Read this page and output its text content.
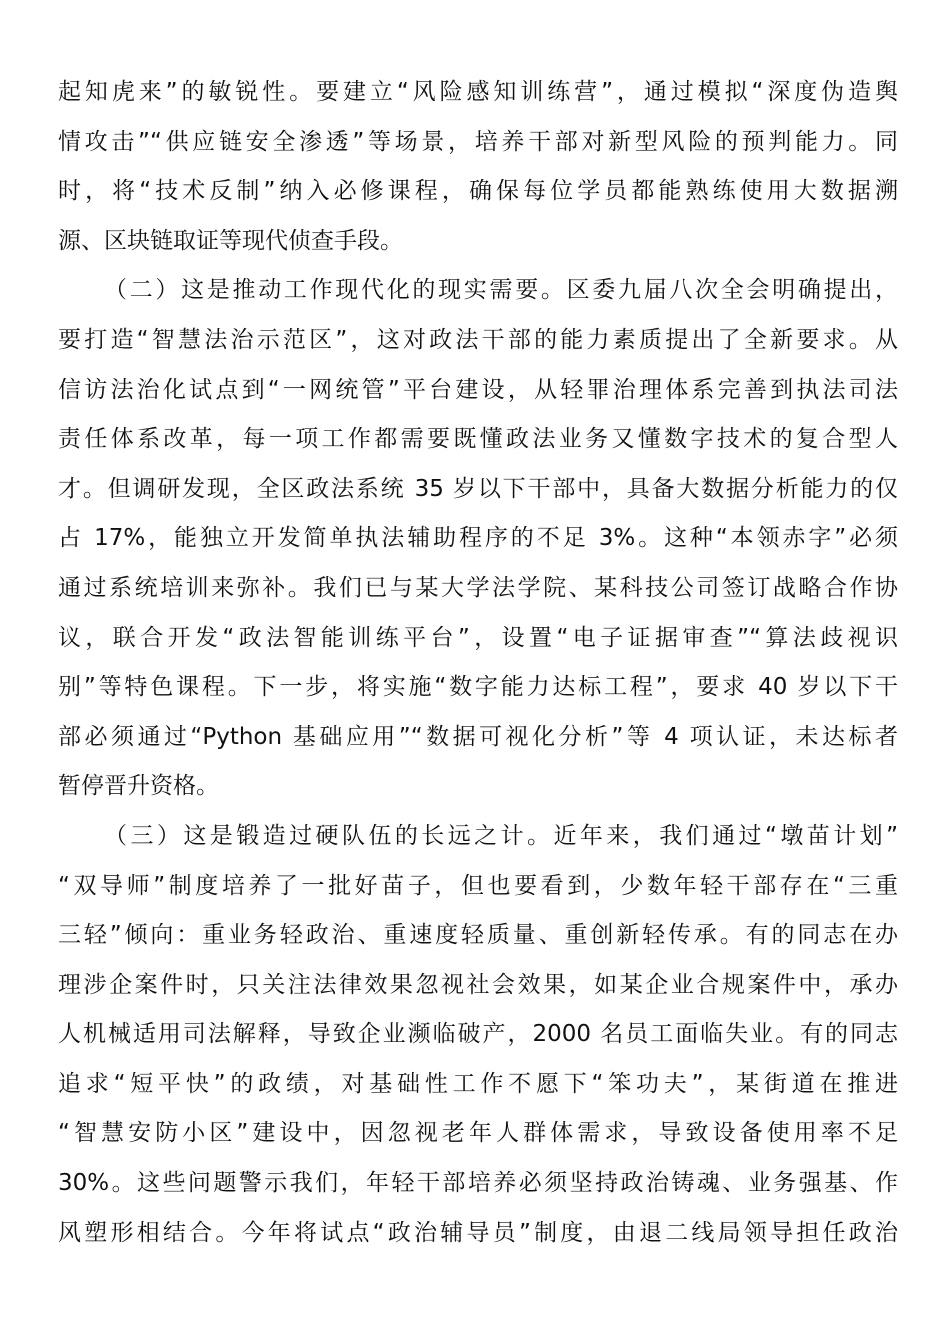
起知虎来”的敏锐性。要建立“风险感知训练营”，通过模拟“深度伪造舆
情攻击”“供应链安全渗透”等场景，培养干部对新型风险的预判能力。同
时，将“技术反制”纳入必修课程，确保每位学员都能熟练使用大数据溯
源、区块链取证等现代侦查手段。
（二）这是推动工作现代化的现实需要。区委九届八次全会明确提出，
要打造“智慧法治示范区”，这对政法干部的能力素质提出了全新要求。从
信访法治化试点到“一网统管”平台建设，从轻罪治理体系完善到执法司法
责任体系改革，每一项工作都需要既懂政法业务又懂数字技术的复合型人
才。但调研发现，全区政法系统 35 岁以下干部中，具备大数据分析能力的仅
占 17%，能独立开发简单执法辅助程序的不足 3%。这种“本领赤字”必须
通过系统培训来弥补。我们已与某大学法学院、某科技公司签订战略合作协
议，联合开发“政法智能训练平台”，设置“电子证据审查”“算法歧视识
别”等特色课程。下一步，将实施“数字能力达标工程”，要求 40 岁以下干
部必须通过“Python 基础应用”“数据可视化分析”等 4 项认证，未达标者
暂停晋升资格。
（三）这是锻造过硬队伍的长远之计。近年来，我们通过“墩苗计划”
“双导师”制度培养了一批好苗子，但也要看到，少数年轻干部存在“三重
三轻”倾向：重业务轻政治、重速度轻质量、重创新轻传承。有的同志在办
理涉企案件时，只关注法律效果忽视社会效果，如某企业合规案件中，承办
人机械适用司法解释，导致企业濒临破产，2000 名员工面临失业。有的同志
追求“短平快”的政绩，对基础性工作不愿下“笨功夫”，某街道在推进
“智慧安防小区”建设中，因忽视老年人群体需求，导致设备使用率不足
30%。这些问题警示我们，年轻干部培养必须坚持政治铸魂、业务强基、作
风塑形相结合。今年将试点“政治辅导员”制度，由退二线局领导担任政治
